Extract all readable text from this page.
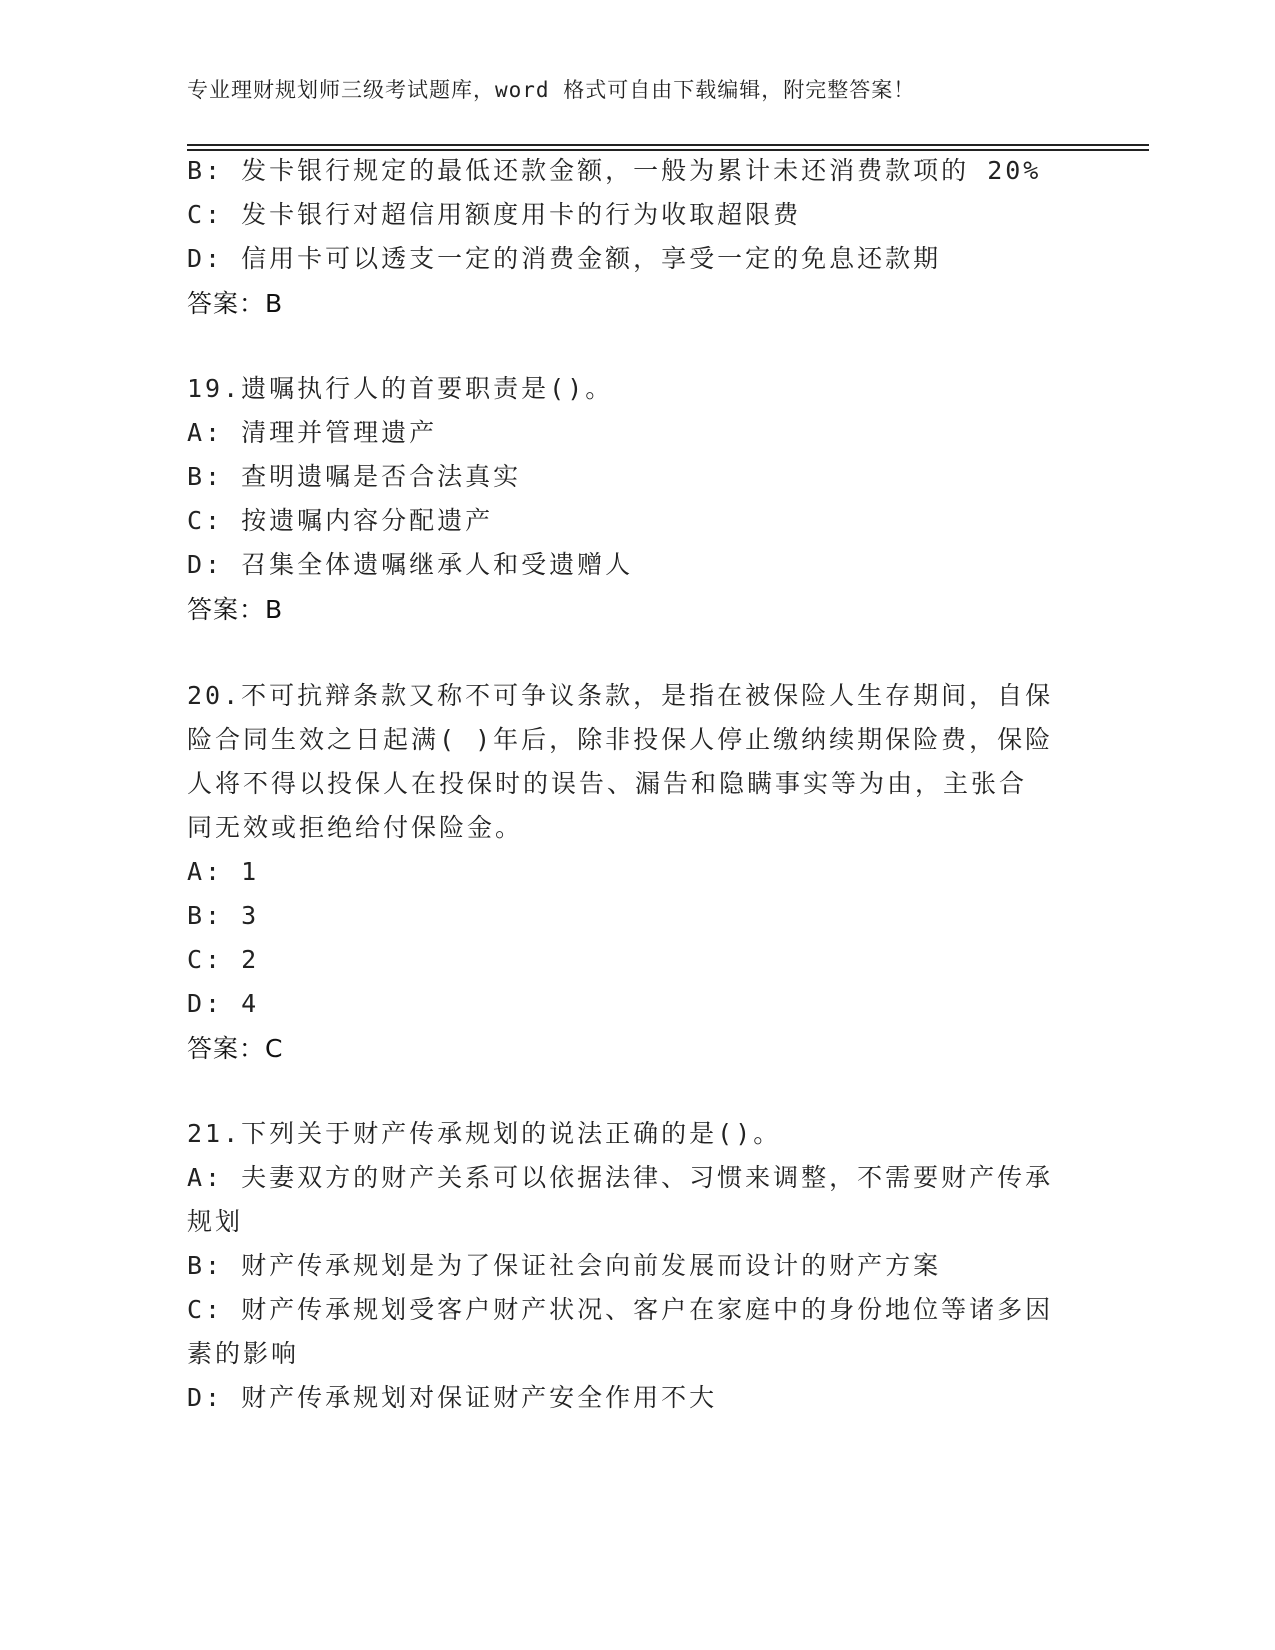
专业理财规划师三级考试题库，word 格式可自由下载编辑，附完整答案！
B: 发卡银行规定的最低还款金额，一般为累计未还消费款项的 20%
C: 发卡银行对超信用额度用卡的行为收取超限费
D: 信用卡可以透支一定的消费金额，享受一定的免息还款期
答案：B
19.遗嘱执行人的首要职责是()。
A: 清理并管理遗产
B: 查明遗嘱是否合法真实
C: 按遗嘱内容分配遗产
D: 召集全体遗嘱继承人和受遗赠人
答案：B
20.不可抗辩条款又称不可争议条款，是指在被保险人生存期间，自保
险合同生效之日起满( )年后，除非投保人停止缴纳续期保险费，保险
人将不得以投保人在投保时的误告、漏告和隐瞒事实等为由，主张合
同无效或拒绝给付保险金。
A: 1
B: 3
C: 2
D: 4
答案：C
21.下列关于财产传承规划的说法正确的是()。
A: 夫妻双方的财产关系可以依据法律、习惯来调整，不需要财产传承
规划
B: 财产传承规划是为了保证社会向前发展而设计的财产方案
C: 财产传承规划受客户财产状况、客户在家庭中的身份地位等诸多因
素的影响
D: 财产传承规划对保证财产安全作用不大
